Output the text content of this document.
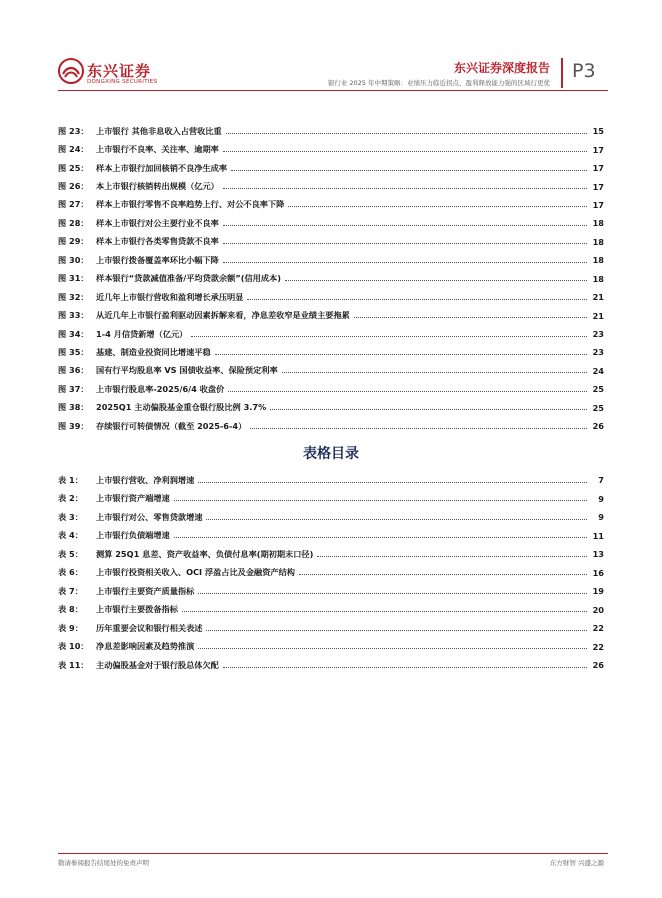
东兴证券
DONGXING SECURITIES
东兴证券深度报告
银行业 2025 年中期策略：业绩压力临近拐点，盈利释放能力强的区域行更优
P3
图 23： 上市银行 其他非息收入占营收比重	15
图 24： 上市银行不良率、关注率、逾期率	17
图 25： 样本上市银行加回核销不良净生成率	17
图 26： 本上市银行核销转出规模（亿元）	17
图 27： 样本上市银行零售不良率趋势上行、对公不良率下降	17
图 28： 样本上市银行对公主要行业不良率	18
图 29： 样本上市银行各类零售贷款不良率	18
图 30： 上市银行拨备覆盖率环比小幅下降	18
图 31： 样本银行“贷款减值准备/平均贷款余额”(信用成本)	18
图 32： 近几年上市银行营收和盈利增长承压明显	21
图 33： 从近几年上市银行盈利驱动因素拆解来看，净息差收窄是业绩主要拖累	21
图 34： 1-4 月信贷新增（亿元）	23
图 35： 基建、制造业投资同比增速平稳	23
图 36： 国有行平均股息率 VS 国债收益率、保险预定利率	24
图 37： 上市银行股息率-2025/6/4 收盘价	25
图 38： 2025Q1 主动偏股基金重仓银行股比例 3.7%	25
图 39： 存续银行可转债情况（截至 2025-6-4）	26
表格目录
表 1：	上市银行营收、净利润增速	7
表 2：	上市银行资产端增速	9
表 3：	上市银行对公、零售贷款增速	9
表 4：	上市银行负债端增速	11
表 5：	测算 25Q1 息差、资产收益率、负债付息率(期初期末口径)	13
表 6：	上市银行投资相关收入、OCI 浮盈占比及金融资产结构	16
表 7：	上市银行主要资产质量指标	19
表 8：	上市银行主要拨备指标	20
表 9：	历年重要会议和银行相关表述	22
表 10： 净息差影响因素及趋势推演	22
表 11： 主动偏股基金对于银行股总体欠配	26
敬请参阅报告结尾处的免责声明	东方财智 兴盛之源
